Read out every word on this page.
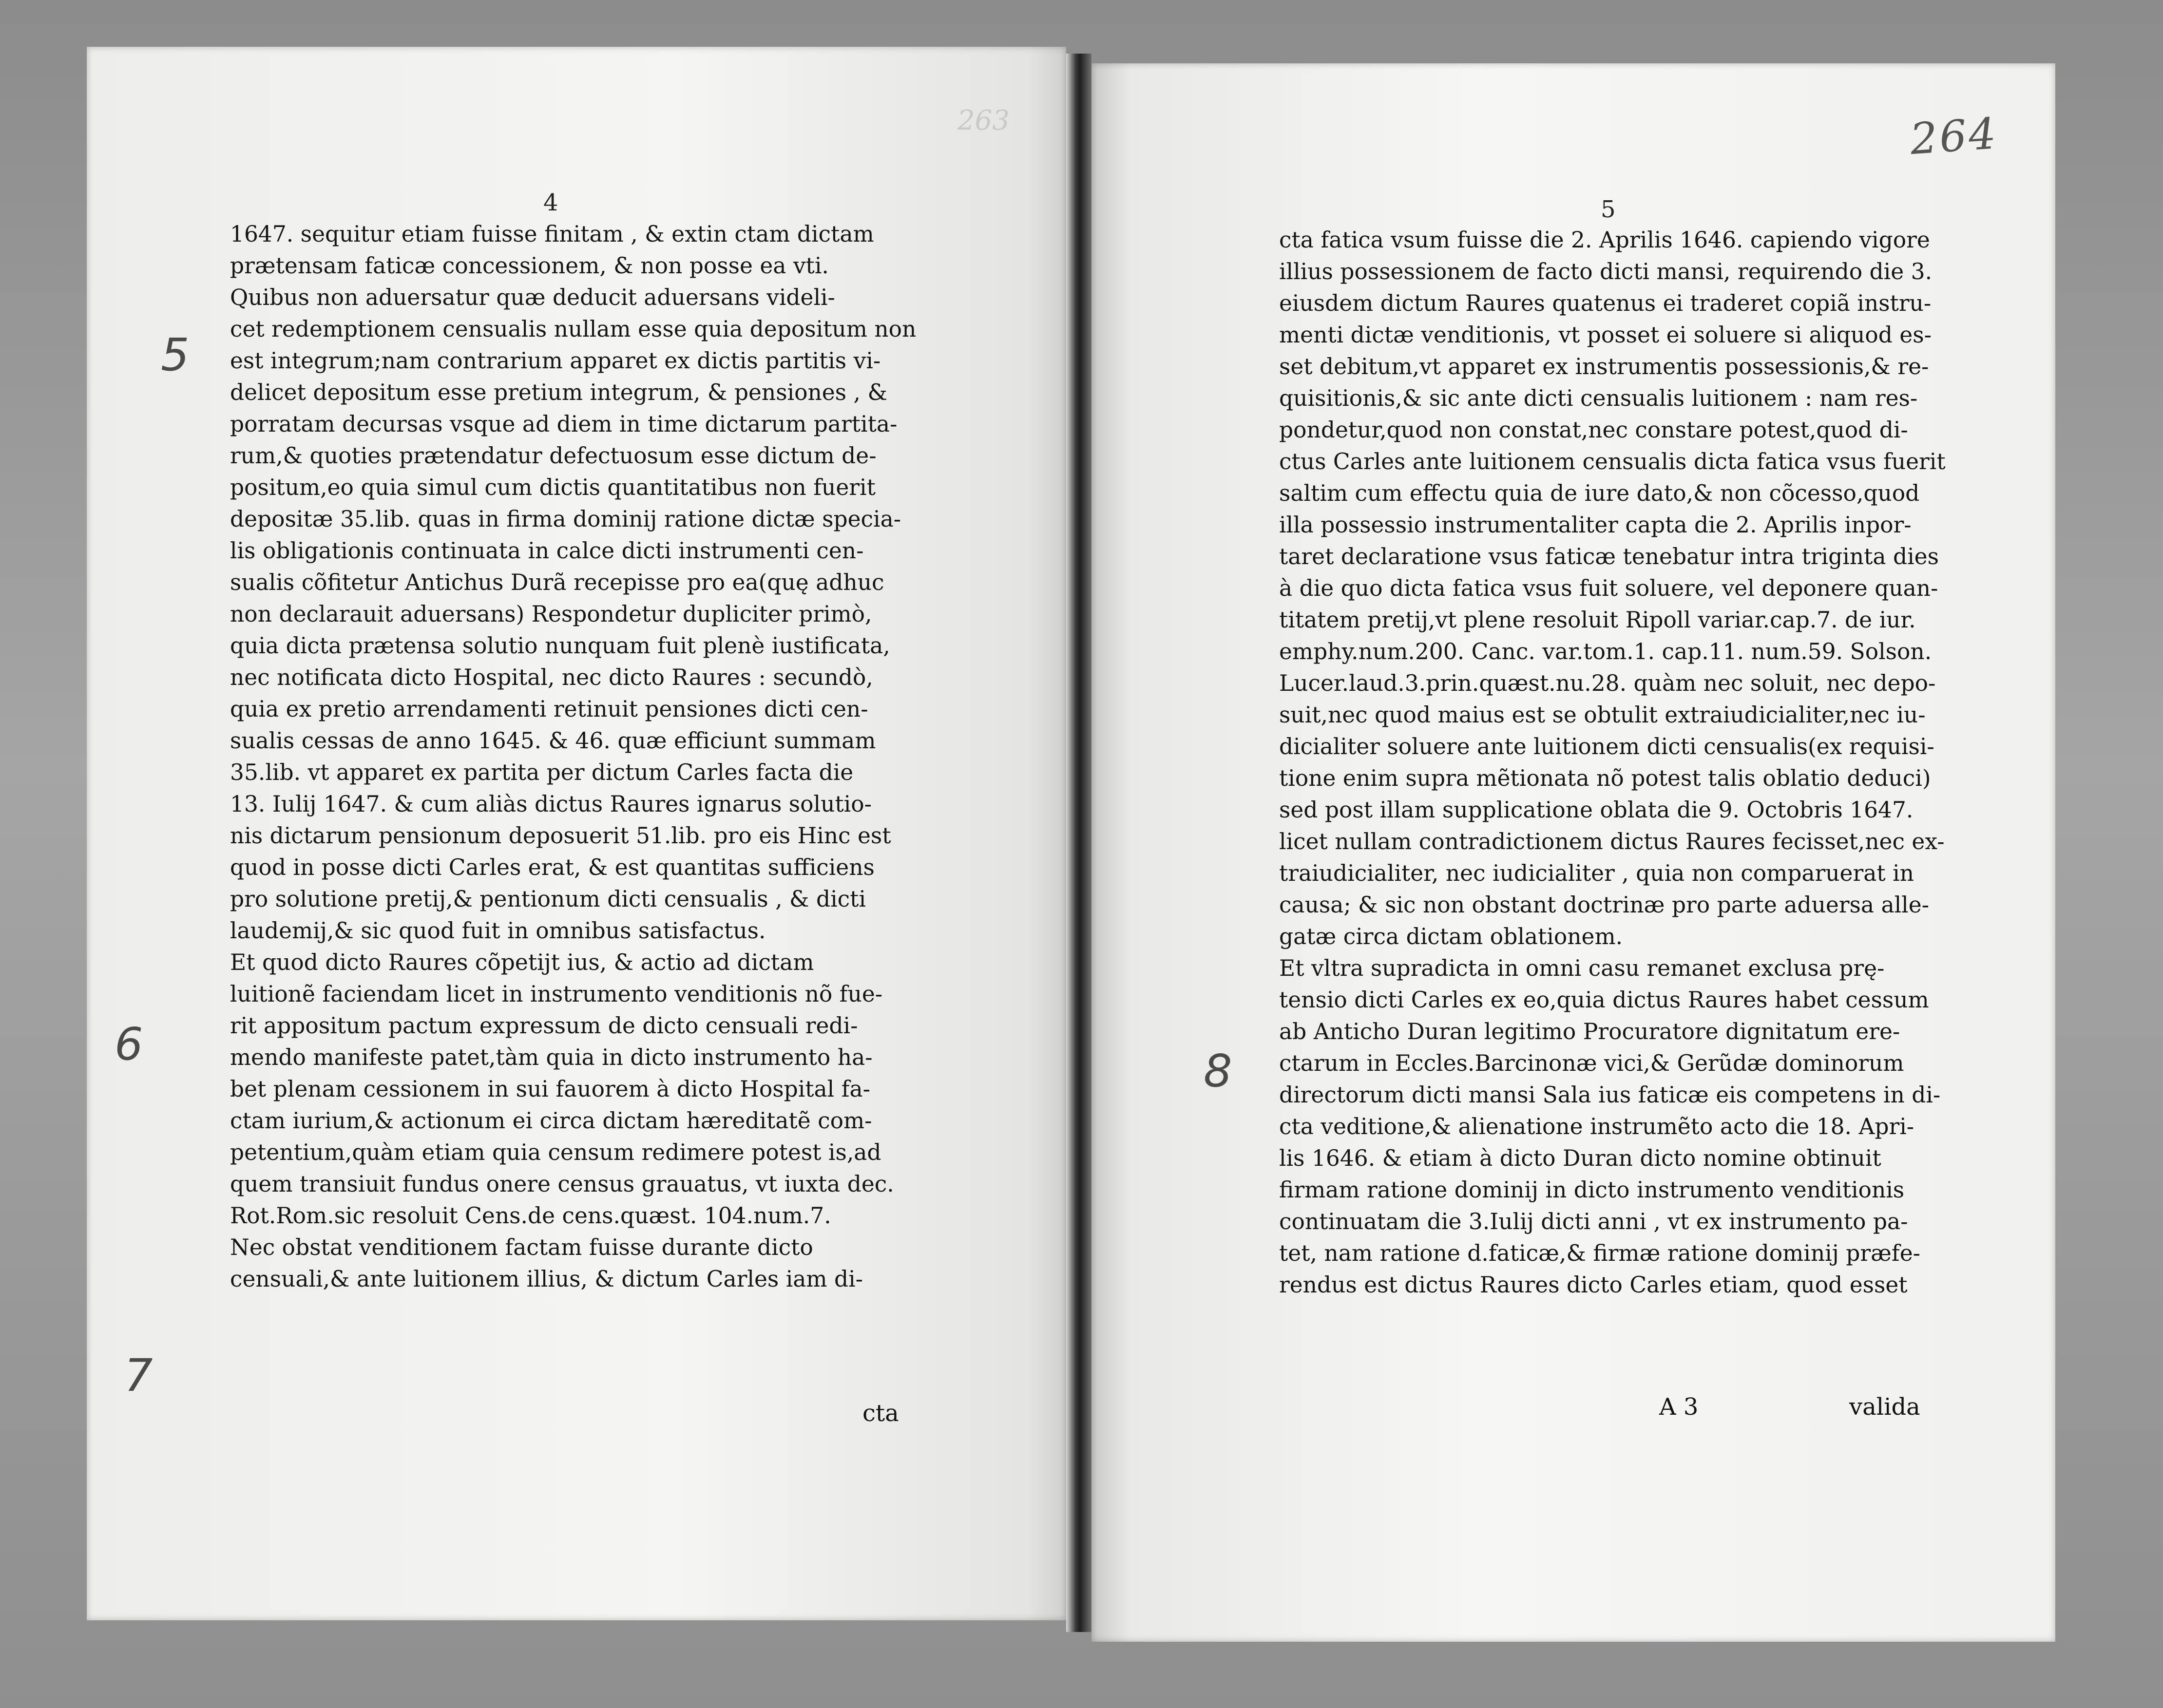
4
1647. sequitur etiam fuisse finitam , & extin ctam dictam
prætensam faticæ concessionem, & non posse ea vti.
Quibus non aduersatur quæ deducit aduersans videli-
cet redemptionem censualis nullam esse quia depositum non
est integrum;nam contrarium apparet ex dictis partitis vi-
delicet depositum esse pretium integrum, & pensiones , &
porratam decursas vsque ad diem in time dictarum partita-
rum,& quoties prætendatur defectuosum esse dictum de-
positum,eo quia simul cum dictis quantitatibus non fuerit
depositæ 35.lib. quas in firma dominij ratione dictæ specia-
lis obligationis continuata in calce dicti instrumenti cen-
sualis cõfitetur Antichus Durã recepisse pro ea(quę adhuc
non declarauit aduersans) Respondetur dupliciter primò,
quia dicta prætensa solutio nunquam fuit plenè iustificata,
nec notificata dicto Hospital, nec dicto Raures : secundò,
quia ex pretio arrendamenti retinuit pensiones dicti cen-
sualis cessas de anno 1645. & 46. quæ efficiunt summam
35.lib. vt apparet ex partita per dictum Carles facta die
13. Iulij 1647. & cum aliàs dictus Raures ignarus solutio-
nis dictarum pensionum deposuerit 51.lib. pro eis Hinc est
quod in posse dicti Carles erat, & est quantitas sufficiens
pro solutione pretij,& pentionum dicti censualis , & dicti
laudemij,& sic quod fuit in omnibus satisfactus.
Et quod dicto Raures cõpetijt ius, & actio ad dictam
luitionẽ faciendam licet in instrumento venditionis nõ fue-
rit appositum pactum expressum de dicto censuali redi-
mendo manifeste patet,tàm quia in dicto instrumento ha-
bet plenam cessionem in sui fauorem à dicto Hospital fa-
ctam iurium,& actionum ei circa dictam hæreditatẽ com-
petentium,quàm etiam quia censum redimere potest is,ad
quem transiuit fundus onere census grauatus, vt iuxta dec.
Rot.Rom.sic resoluit Cens.de cens.quæst. 104.num.7.
Nec obstat venditionem factam fuisse durante dicto
censuali,& ante luitionem illius, & dictum Carles iam di-
cta
5
6
7
263	264
5
cta fatica vsum fuisse die 2. Aprilis 1646. capiendo vigore
illius possessionem de facto dicti mansi, requirendo die 3.
eiusdem dictum Raures quatenus ei traderet copiã instru-
menti dictæ venditionis, vt posset ei soluere si aliquod es-
set debitum,vt apparet ex instrumentis possessionis,& re-
quisitionis,& sic ante dicti censualis luitionem : nam res-
pondetur,quod non constat,nec constare potest,quod di-
ctus Carles ante luitionem censualis dicta fatica vsus fuerit
saltim cum effectu quia de iure dato,& non cõcesso,quod
illa possessio instrumentaliter capta die 2. Aprilis inpor-
taret declaratione vsus faticæ tenebatur intra triginta dies
à die quo dicta fatica vsus fuit soluere, vel deponere quan-
titatem pretij,vt plene resoluit Ripoll variar.cap.7. de iur.
emphy.num.200. Canc. var.tom.1. cap.11. num.59. Solson.
Lucer.laud.3.prin.quæst.nu.28. quàm nec soluit, nec depo-
suit,nec quod maius est se obtulit extraiudicialiter,nec iu-
dicialiter soluere ante luitionem dicti censualis(ex requisi-
tione enim supra mẽtionata nõ potest talis oblatio deduci)
sed post illam supplicatione oblata die 9. Octobris 1647.
licet nullam contradictionem dictus Raures fecisset,nec ex-
traiudicialiter, nec iudicialiter , quia non comparuerat in
causa; & sic non obstant doctrinæ pro parte aduersa alle-
gatæ circa dictam oblationem.
Et vltra supradicta in omni casu remanet exclusa prę-
tensio dicti Carles ex eo,quia dictus Raures habet cessum
ab Anticho Duran legitimo Procuratore dignitatum ere-
ctarum in Eccles.Barcinonæ vici,& Gerũdæ dominorum
directorum dicti mansi Sala ius faticæ eis competens in di-
cta veditione,& alienatione instrumẽto acto die 18. Apri-
lis 1646. & etiam à dicto Duran dicto nomine obtinuit
firmam ratione dominij in dicto instrumento venditionis
continuatam die 3.Iulij dicti anni , vt ex instrumento pa-
tet, nam ratione d.faticæ,& firmæ ratione dominij præfe-
rendus est dictus Raures dicto Carles etiam, quod esset
A 3	valida
8
